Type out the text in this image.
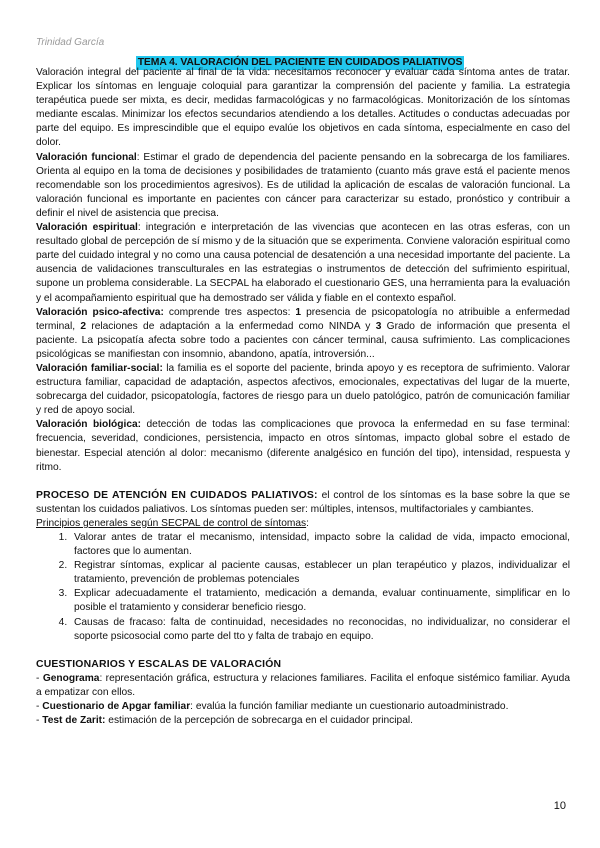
Trinidad García
TEMA 4. VALORACIÓN DEL PACIENTE EN CUIDADOS PALIATIVOS

Valoración integral del paciente al final de la vida: necesitamos reconocer y evaluar cada síntoma antes de tratar. Explicar los síntomas en lenguaje coloquial para garantizar la comprensión del paciente y familia. La estrategia terapéutica puede ser mixta, es decir, medidas farmacológicas y no farmacológicas. Monitorización de los síntomas mediante escalas. Minimizar los efectos secundarios atendiendo a los detalles. Actitudes o conductas adecuadas por parte del equipo. Es imprescindible que el equipo evalúe los objetivos en cada síntoma, especialmente en caso del dolor.

Valoración funcional: Estimar el grado de dependencia del paciente pensando en la sobrecarga de los familiares. Orienta al equipo en la toma de decisiones y posibilidades de tratamiento (cuanto más grave está el paciente menos recomendable son los procedimientos agresivos). Es de utilidad la aplicación de escalas de valoración funcional. La valoración funcional es importante en pacientes con cáncer para caracterizar su estado, pronóstico y contribuir a definir el nivel de asistencia que precisa.

Valoración espiritual: integración e interpretación de las vivencias que acontecen en las otras esferas, con un resultado global de percepción de sí mismo y de la situación que se experimenta. Conviene valoración espiritual como parte del cuidado integral y no como una causa potencial de desatención a una necesidad importante del paciente. La ausencia de validaciones transculturales en las estrategias o instrumentos de detección del sufrimiento espiritual, supone un problema considerable. La SECPAL ha elaborado el cuestionario GES, una herramienta para la evaluación y el acompañamiento espiritual que ha demostrado ser válida y fiable en el contexto español.

Valoración psico-afectiva: comprende tres aspectos: 1 presencia de psicopatología no atribuible a enfermedad terminal, 2 relaciones de adaptación a la enfermedad como NINDA y 3 Grado de información que presenta el paciente. La psicopatía afecta sobre todo a pacientes con cáncer terminal, causa sufrimiento. Las complicaciones psicológicas se manifiestan con insomnio, abandono, apatía, introversión...

Valoración familiar-social: la familia es el soporte del paciente, brinda apoyo y es receptora de sufrimiento. Valorar estructura familiar, capacidad de adaptación, aspectos afectivos, emocionales, expectativas del lugar de la muerte, sobrecarga del cuidador, psicopatología, factores de riesgo para un duelo patológico, patrón de comunicación familiar y red de apoyo social.

Valoración biológica: detección de todas las complicaciones que provoca la enfermedad en su fase terminal: frecuencia, severidad, condiciones, persistencia, impacto en otros síntomas, impacto global sobre el estado de bienestar. Especial atención al dolor: mecanismo (diferente analgésico en función del tipo), intensidad, respuesta y ritmo.

PROCESO DE ATENCIÓN EN CUIDADOS PALIATIVOS: el control de los síntomas es la base sobre la que se sustentan los cuidados paliativos. Los síntomas pueden ser: múltiples, intensos, multifactoriales y cambiantes.

Principios generales según SECPAL de control de síntomas:

1. Valorar antes de tratar el mecanismo, intensidad, impacto sobre la calidad de vida, impacto emocional, factores que lo aumentan.
2. Registrar síntomas, explicar al paciente causas, establecer un plan terapéutico y plazos, individualizar el tratamiento, prevención de problemas potenciales
3. Explicar adecuadamente el tratamiento, medicación a demanda, evaluar continuamente, simplificar en lo posible el tratamiento y considerar beneficio riesgo.
4. Causas de fracaso: falta de continuidad, necesidades no reconocidas, no individualizar, no considerar el soporte psicosocial como parte del tto y falta de trabajo en equipo.

CUESTIONARIOS Y ESCALAS DE VALORACIÓN

- Genograma: representación gráfica, estructura y relaciones familiares. Facilita el enfoque sistémico familiar. Ayuda a empatizar con ellos.

- Cuestionario de Apgar familiar: evalúa la función familiar mediante un cuestionario autoadministrado.

- Test de Zarit: estimación de la percepción de sobrecarga en el cuidador principal.

10
